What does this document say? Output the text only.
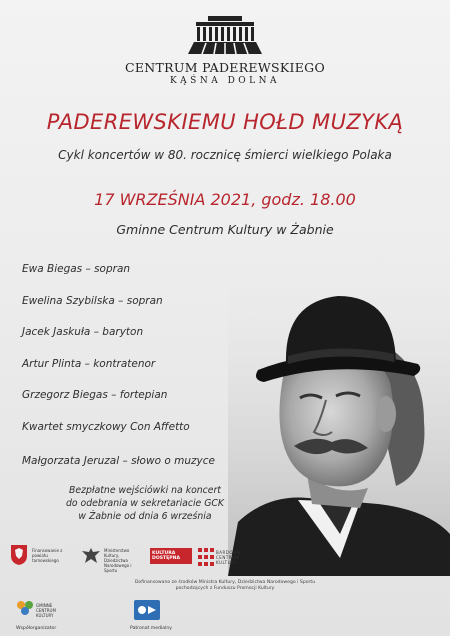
CENTRUM PADEREWSKIEGO
KĄŚNA DOLNA
PADEREWSKIEMU HOŁD MUZYKĄ
Cykl koncertów w 80. rocznicę śmierci wielkiego Polaka
17 WRZEŚNIA 2021, godz. 18.00
Gminne Centrum Kultury w Żabnie
Ewa Biegas – sopran
Ewelina Szybilska – sopran
Jacek Jaskuła – baryton
Artur Plinta – kontratenor
Grzegorz Biegas – fortepian
Kwartet smyczkowy Con Affetto
Małgorzata Jeruzal – słowo o muzyce
Bezpłatne wejściówki na koncert
do odebrania w sekretariacie GCK
w Żabnie od dnia 6 września
Finansowanie z powiatu tarnowskiego
Ministerstwo Kultury, Dziedzictwa Narodowego i Sportu
KULTURA DOSTĘPNA
BARDOWE CENTRUM KULTURY
Dofinansowano ze środków Ministra Kultury, Dziedzictwa Narodowego i Sportu
pochodzących z Funduszu Promocji Kultury
GMINNE CENTRUM KULTURY
Współorganizator	Patronat medialny
